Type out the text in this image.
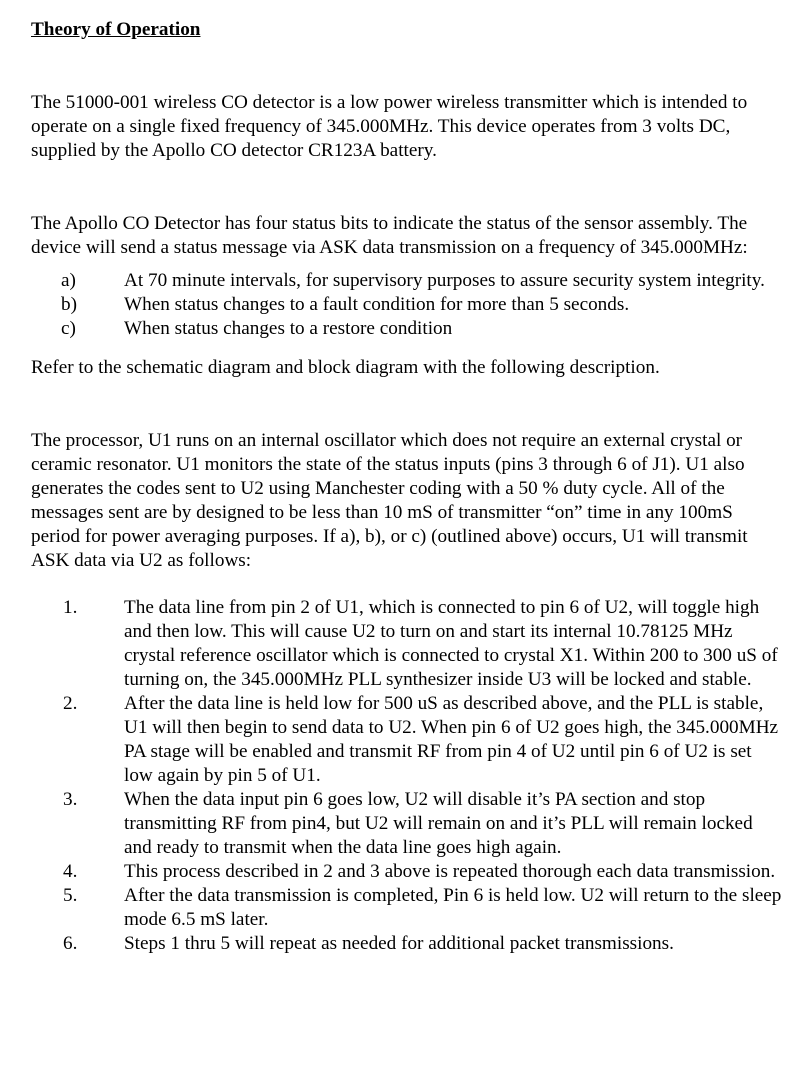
Theory of Operation

The 51000-001 wireless CO detector is a low power wireless transmitter which is intended to operate on a single fixed frequency of 345.000MHz. This device operates from 3 volts DC, supplied by the Apollo CO detector CR123A battery.

The Apollo CO Detector has four status bits to indicate the status of the sensor assembly. The device will send a status message via ASK data transmission on a frequency of 345.000MHz:

a)	At 70 minute intervals, for supervisory purposes to assure security system integrity.
b)	When status changes to a fault condition for more than 5 seconds.
c)	When status changes to a restore condition

Refer to the schematic diagram and block diagram with the following description.

The processor, U1 runs on an internal oscillator which does not require an external crystal or ceramic resonator. U1 monitors the state of the status inputs (pins 3 through 6 of J1). U1 also generates the codes sent to U2 using Manchester coding with a 50 % duty cycle. All of the messages sent are by designed to be less than 10 mS of transmitter “on” time in any 100mS period for power averaging purposes. If a), b), or c) (outlined above) occurs, U1 will transmit ASK data via U2 as follows:

1.	The data line from pin 2 of U1, which is connected to pin 6 of U2, will toggle high and then low. This will cause U2 to turn on and start its internal 10.78125 MHz crystal reference oscillator which is connected to crystal X1. Within 200 to 300 uS of turning on, the 345.000MHz PLL synthesizer inside U3 will be locked and stable.
2.	After the data line is held low for 500 uS as described above, and the PLL is stable, U1 will then begin to send data to U2. When pin 6 of U2 goes high, the 345.000MHz PA stage will be enabled and transmit RF from pin 4 of U2 until pin 6 of U2 is set low again by pin 5 of U1.
3.	When the data input pin 6 goes low, U2 will disable it’s PA section and stop transmitting RF from pin4, but U2 will remain on and it’s PLL will remain locked and ready to transmit when the data line goes high again.
4.	This process described in 2 and 3 above is repeated thorough each data transmission.
5.	After the data transmission is completed, Pin 6 is held low. U2 will return to the sleep mode 6.5 mS later.
6.	Steps 1 thru 5 will repeat as needed for additional packet transmissions.
